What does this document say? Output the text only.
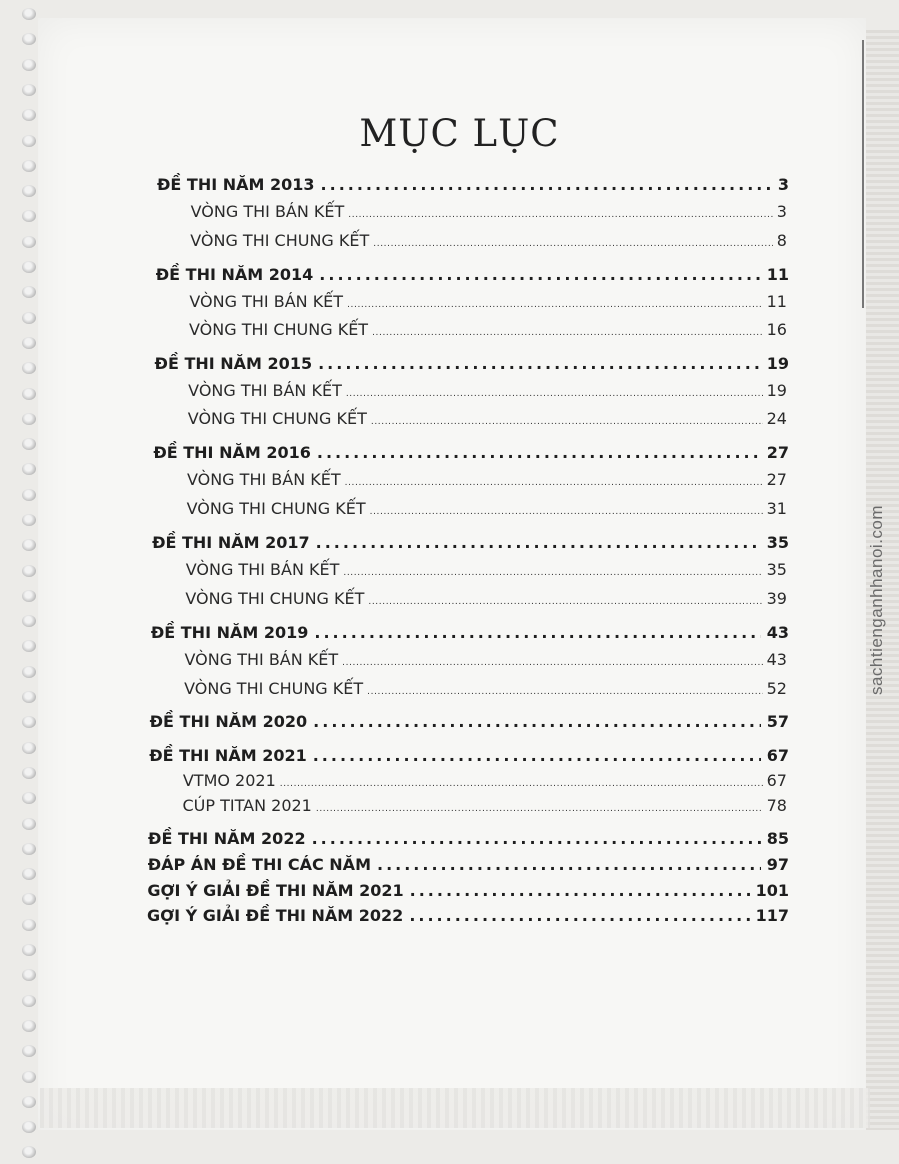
MỤC LỤC
ĐỀ THI NĂM 2013 .....	3
VÒNG THI BÁN KẾT .....	3
VÒNG THI CHUNG KẾT .....	8
ĐỀ THI NĂM 2014 .....	11
VÒNG THI BÁN KẾT .....	11
VÒNG THI CHUNG KẾT .....	16
ĐỀ THI NĂM 2015 .....	19
VÒNG THI BÁN KẾT .....	19
VÒNG THI CHUNG KẾT .....	24
ĐỀ THI NĂM 2016 .....	27
VÒNG THI BÁN KẾT .....	27
VÒNG THI CHUNG KẾT .....	31
ĐỀ THI NĂM 2017 .....	35
VÒNG THI BÁN KẾT .....	35
VÒNG THI CHUNG KẾT .....	39
ĐỀ THI NĂM 2019 .....	43
VÒNG THI BÁN KẾT .....	43
VÒNG THI CHUNG KẾT .....	52
ĐỀ THI NĂM 2020 .....	57
ĐỀ THI NĂM 2021 .....	67
VTMO 2021 .....	67
CÚP TITAN 2021 .....	78
ĐỀ THI NĂM 2022 .....	85
ĐÁP ÁN ĐỀ THI CÁC NĂM .....	97
GỢI Ý GIẢI ĐỀ THI NĂM 2021 .....	101
GỢI Ý GIẢI ĐỀ THI NĂM 2022 .....	117
sachtienganhhanoi.com
